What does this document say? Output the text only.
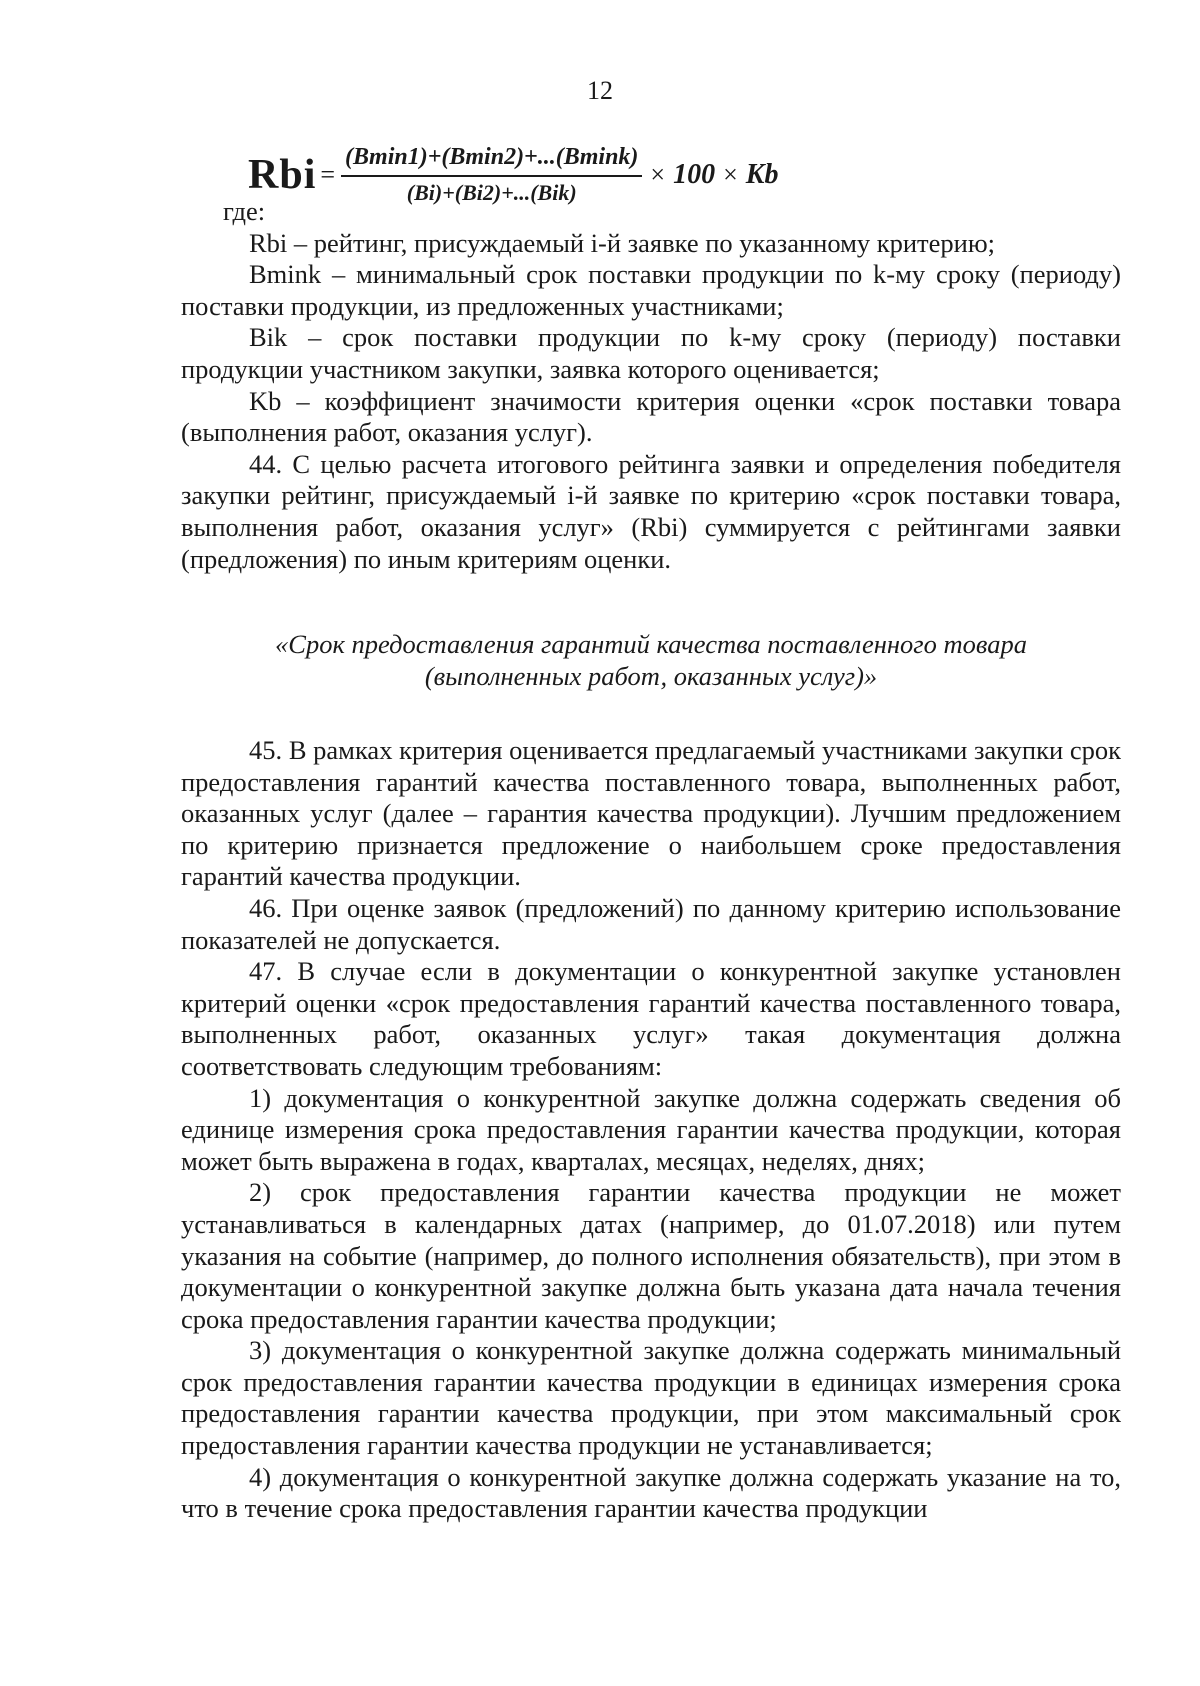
12
Rbi = $\frac{(Bmin1)+(Bmin2)+...(Bmink)}{\text{(Bi)+(Bi2)+...(Bik)}} \times 100 \times Kb$

где:

Rbi – рейтинг, присуждаемый i-й заявке по указанному критерию;

Bmink – минимальный срок поставки продукции по k-му сроку (периоду) поставки продукции, из предложенных участниками;

Bik – срок поставки продукции по k-му сроку (периоду) поставки продукции участником закупки, заявка которого оценивается;

Kb – коэффициент значимости критерия оценки «срок поставки товара (выполнения работ, оказания услуг).

44. С целью расчета итогового рейтинга заявки и определения победителя закупки рейтинг, присуждаемый i-й заявке по критерию «срок поставки товара, выполнения работ, оказания услуг» (Rbi) суммируется с рейтингами заявки (предложения) по иным критериям оценки.

«Срок предоставления гарантий качества поставленного товара
(выполненных работ, оказанных услуг)»

45. В рамках критерия оценивается предлагаемый участниками закупки срок предоставления гарантий качества поставленного товара, выполненных работ, оказанных услуг (далее – гарантия качества продукции). Лучшим предложением по критерию признается предложение о наибольшем сроке предоставления гарантий качества продукции.

46. При оценке заявок (предложений) по данному критерию использование показателей не допускается.

47. В случае если в документации о конкурентной закупке установлен критерий оценки «срок предоставления гарантий качества поставленного товара, выполненных работ, оказанных услуг» такая документация должна соответствовать следующим требованиям:

1) документация о конкурентной закупке должна содержать сведения об единице измерения срока предоставления гарантии качества продукции, которая может быть выражена в годах, кварталах, месяцах, неделях, днях;

2) срок предоставления гарантии качества продукции не может устанавливаться в календарных датах (например, до 01.07.2018) или путем указания на событие (например, до полного исполнения обязательств), при этом в документации о конкурентной закупке должна быть указана дата начала течения срока предоставления гарантии качества продукции;

3) документация о конкурентной закупке должна содержать минимальный срок предоставления гарантии качества продукции в единицах измерения срока предоставления гарантии качества продукции, при этом максимальный срок предоставления гарантии качества продукции не устанавливается;

4) документация о конкурентной закупке должна содержать указание на то, что в течение срока предоставления гарантии качества продукции
